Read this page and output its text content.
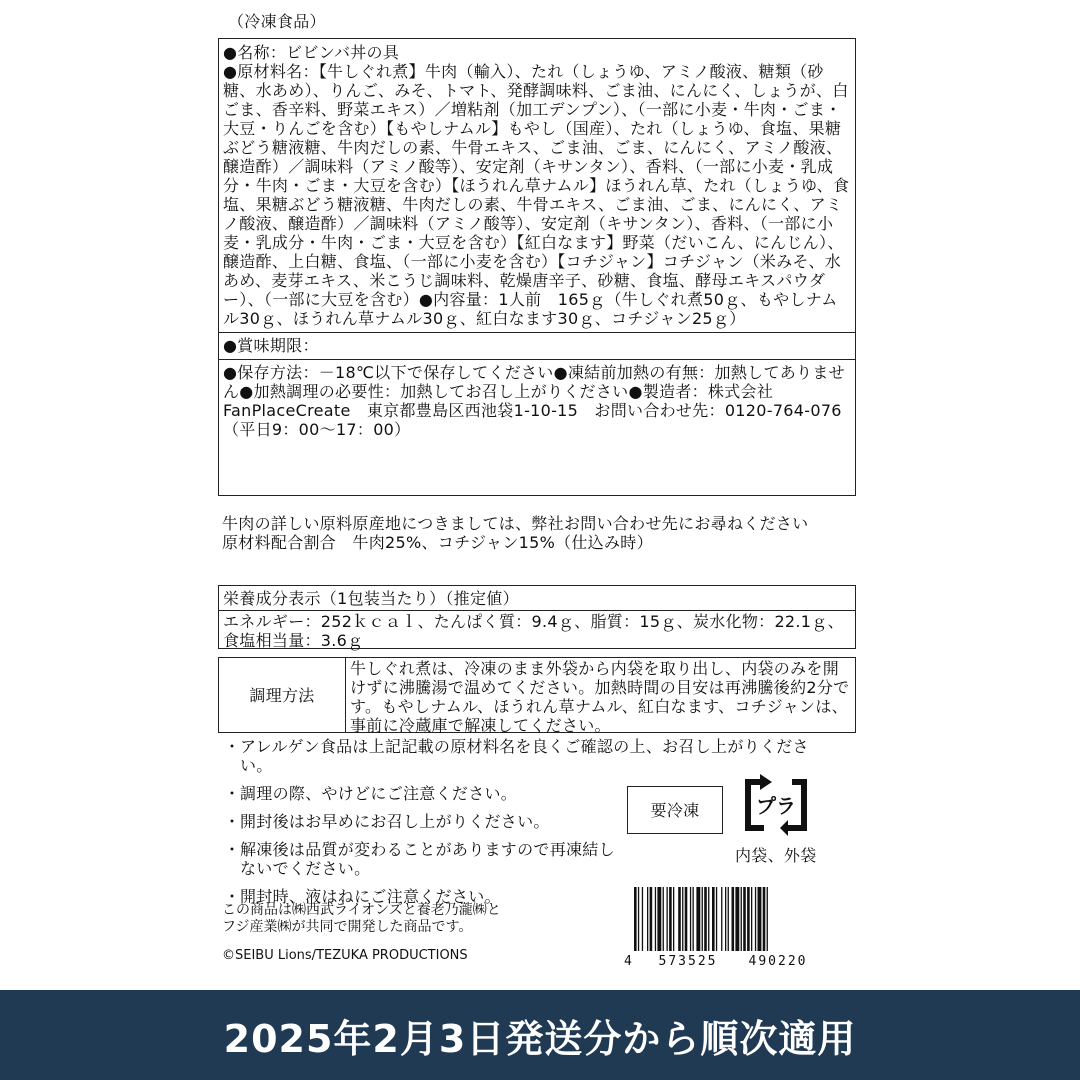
（冷凍食品）

●名称：ビビンバ丼の具

●原材料名：【牛しぐれ煮】牛肉（輸入）、たれ（しょうゆ、アミノ酸液、糖類（砂糖、水あめ）、りんご、みそ、トマト、発酵調味料、ごま油、にんにく、しょうが、白ごま、香辛料、野菜エキス）／増粘剤（加工デンプン）、（一部に小麦・牛肉・ごま・大豆・りんごを含む）【もやしナムル】もやし（国産）、たれ（しょうゆ、食塩、果糖ぶどう糖液糖、牛肉だしの素、牛骨エキス、ごま油、ごま、にんにく、アミノ酸液、醸造酢）／調味料（アミノ酸等）、安定剤（キサンタン）、香料、（一部に小麦・乳成分・牛肉・ごま・大豆を含む）【ほうれん草ナムル】ほうれん草、たれ（しょうゆ、食塩、果糖ぶどう糖液糖、牛肉だしの素、牛骨エキス、ごま油、ごま、にんにく、アミノ酸液、醸造酢）／調味料（アミノ酸等）、安定剤（キサンタン）、香料、（一部に小麦・乳成分・牛肉・ごま・大豆を含む）【紅白なます】野菜（だいこん、にんじん）、醸造酢、上白糖、食塩、（一部に小麦を含む）【コチジャン】コチジャン（米みそ、水あめ、麦芽エキス、米こうじ調味料、乾燥唐辛子、砂糖、食塩、酵母エキスパウダー）、（一部に大豆を含む）●内容量：1人前　165ｇ（牛しぐれ煮50ｇ、もやしナムル30ｇ、ほうれん草ナムル30ｇ、紅白なます30ｇ、コチジャン25ｇ）

●賞味期限：

●保存方法：－18℃以下で保存してください●凍結前加熱の有無：加熱してありません●加熱調理の必要性：加熱してお召し上がりください●製造者：株式会社FanPlaceCreate　東京都豊島区西池袋1-10-15　お問い合わせ先：0120-764-076（平日9：00～17：00）

牛肉の詳しい原料原産地につきましては、弊社お問い合わせ先にお尋ねください

原材料配合割合　牛肉25%、コチジャン15%（仕込み時）

栄養成分表示（1包装当たり）（推定値）

エネルギー：252ｋｃａｌ、たんぱく質：9.4ｇ、脂質：15ｇ、炭水化物：22.1ｇ、食塩相当量：3.6ｇ

調理方法
牛しぐれ煮は、冷凍のまま外袋から内袋を取り出し、内袋のみを開けずに沸騰湯で温めてください。加熱時間の目安は再沸騰後約2分です。もやしナムル、ほうれん草ナムル、紅白なます、コチジャンは、事前に冷蔵庫で解凍してください。
・ アレルゲン食品は上記記載の原材料名を良くご確認の上、お召し上がりください。
・ 調理の際、やけどにご注意ください。
・ 開封後はお早めにお召し上がりください。
・ 解凍後は品質が変わることがありますので再凍結しないでください。
・ 開封時、液はねにご注意ください。
要冷凍	プラ
内袋、外袋

この商品は㈱西武ライオンズと養老乃瀧㈱と

フジ産業㈱が共同で開発した商品です。

©SEIBU Lions/TEZUKA PRODUCTIONS	4 573525 490220
2025年2月3日発送分から順次適用
